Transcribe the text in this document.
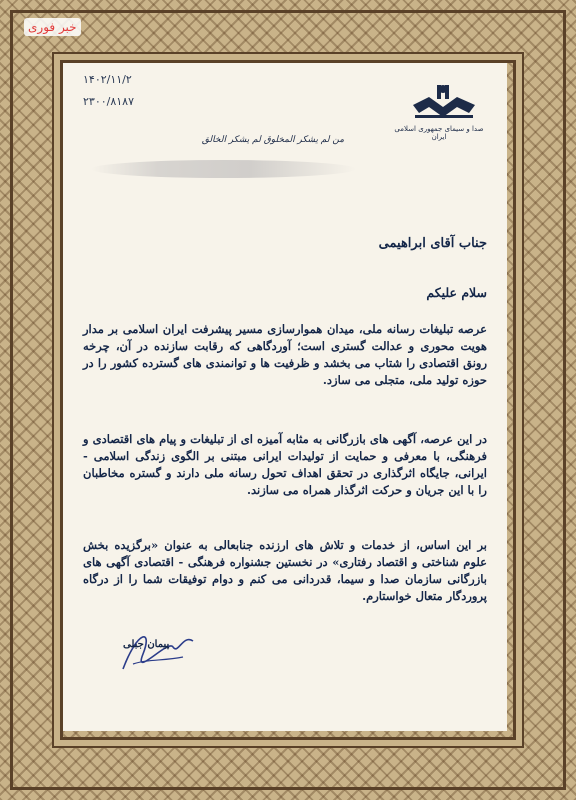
خبر فوری
۱۴۰۲/۱۱/۲
۲۳۰۰/۸۱۸۷
صدا و سیمای جمهوری اسلامی ایران
من لم یشکر المخلوق لم یشکر الخالق
جناب آقای ابراهیمی
سلام علیکم
عرصه تبلیغات رسانه ملی، میدان هموارسازی مسیر پیشرفت ایران اسلامی بر مدار هویت محوری و عدالت گستری است؛ آوردگاهی که رقابت سازنده در آن، چرخه رونق اقتصادی را شتاب می بخشد و ظرفیت ها و توانمندی های گسترده کشور را در حوزه تولید ملی، متجلی می سازد.
در این عرصه، آگهی های بازرگانی به مثابه آمیزه ای از تبلیغات و پیام های اقتصادی و فرهنگی، با معرفی و حمایت از تولیدات ایرانی مبتنی بر الگوی زندگی اسلامی - ایرانی، جایگاه اثرگذاری در تحقق اهداف تحول رسانه ملی دارند و گستره مخاطبان را با این جریان و حرکت اثرگذار همراه می سازند.
بر این اساس، از خدمات و تلاش های ارزنده جنابعالی به عنوان «برگزیده بخش علوم شناختی و اقتصاد رفتاری» در نخستین جشنواره فرهنگی - اقتصادی آگهی های بازرگانی سازمان صدا و سیما، قدردانی می کنم و دوام توفیقات شما را از درگاه پروردگار متعال خواستارم.
پیمان جبلی
